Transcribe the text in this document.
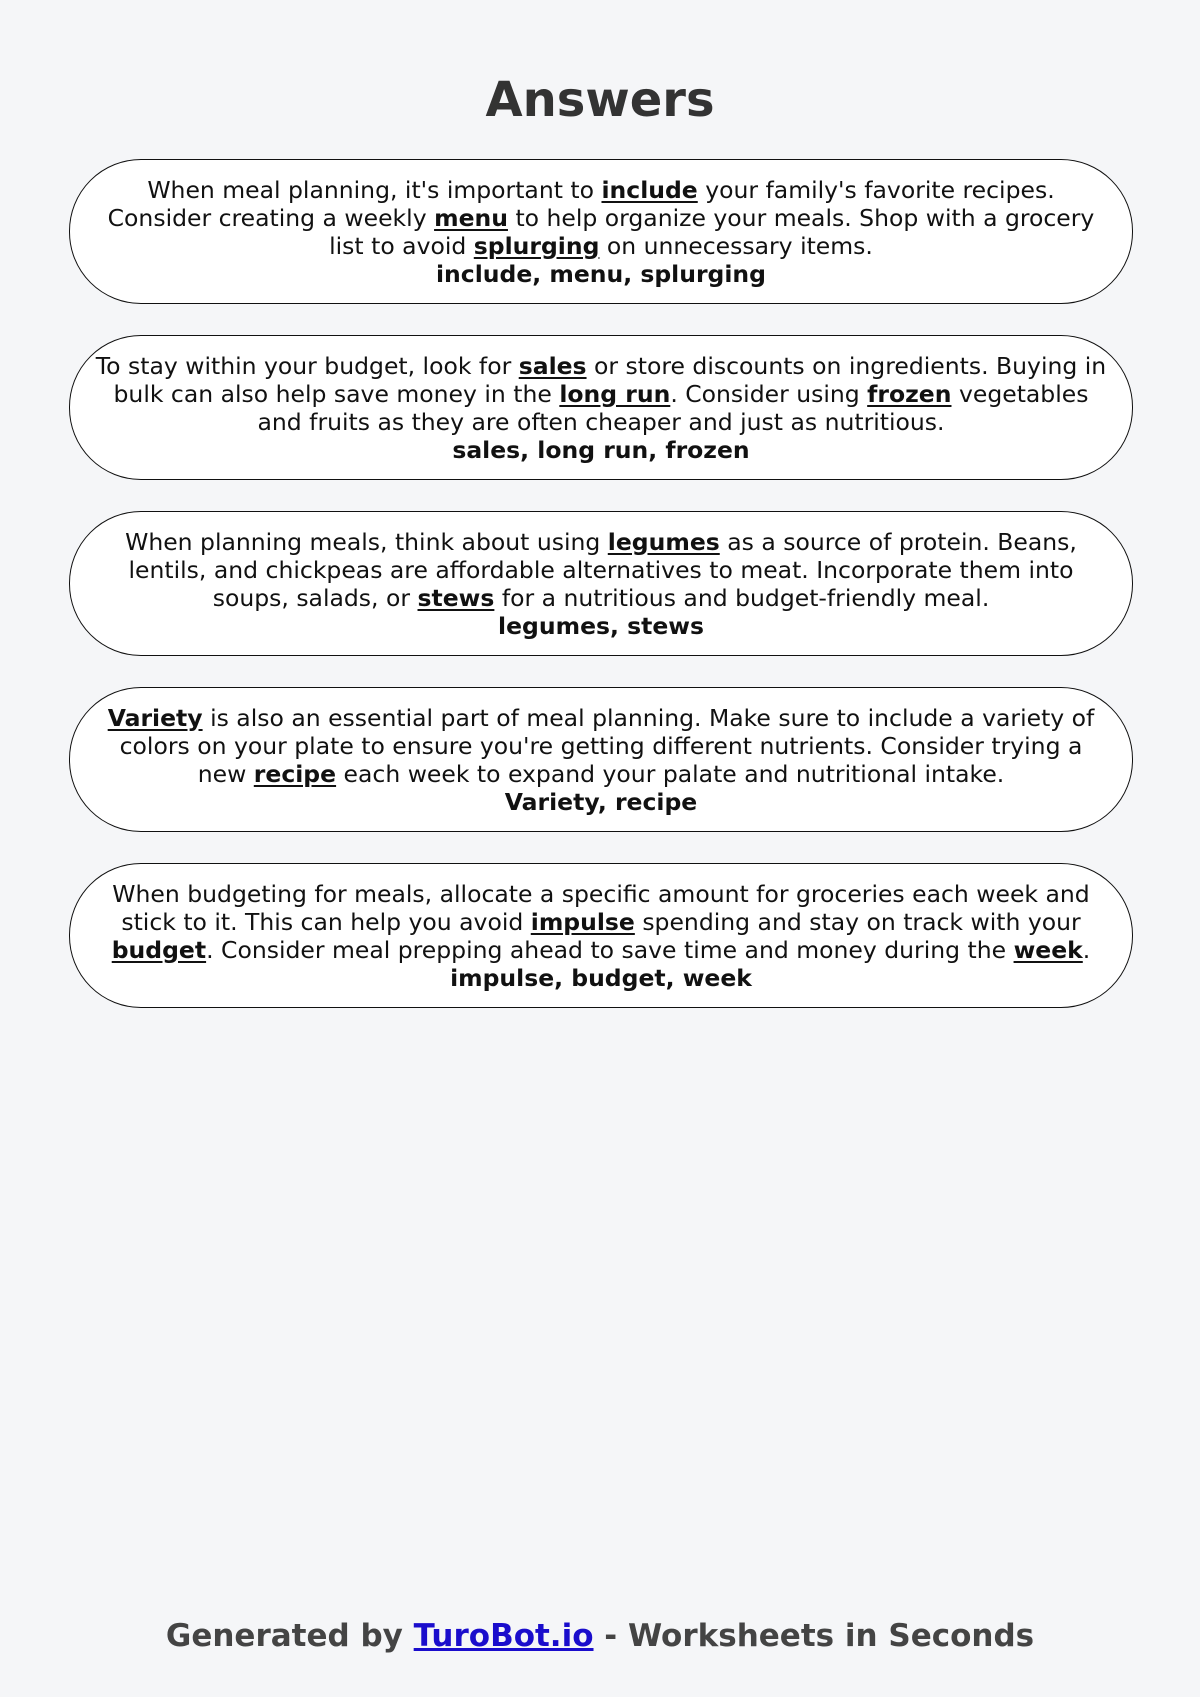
Answers

When meal planning, it's important to include your family's favorite recipes. Consider creating a weekly menu to help organize your meals. Shop with a grocery list to avoid splurging on unnecessary items.

include, menu, splurging

To stay within your budget, look for sales or store discounts on ingredients. Buying in bulk can also help save money in the long run. Consider using frozen vegetables and fruits as they are often cheaper and just as nutritious.

sales, long run, frozen

When planning meals, think about using legumes as a source of protein. Beans, lentils, and chickpeas are affordable alternatives to meat. Incorporate them into soups, salads, or stews for a nutritious and budget-friendly meal.

legumes, stews

Variety is also an essential part of meal planning. Make sure to include a variety of colors on your plate to ensure you're getting different nutrients. Consider trying a new recipe each week to expand your palate and nutritional intake.

Variety, recipe

When budgeting for meals, allocate a specific amount for groceries each week and stick to it. This can help you avoid impulse spending and stay on track with your budget. Consider meal prepping ahead to save time and money during the week.

impulse, budget, week

Generated by TuroBot.io - Worksheets in Seconds
